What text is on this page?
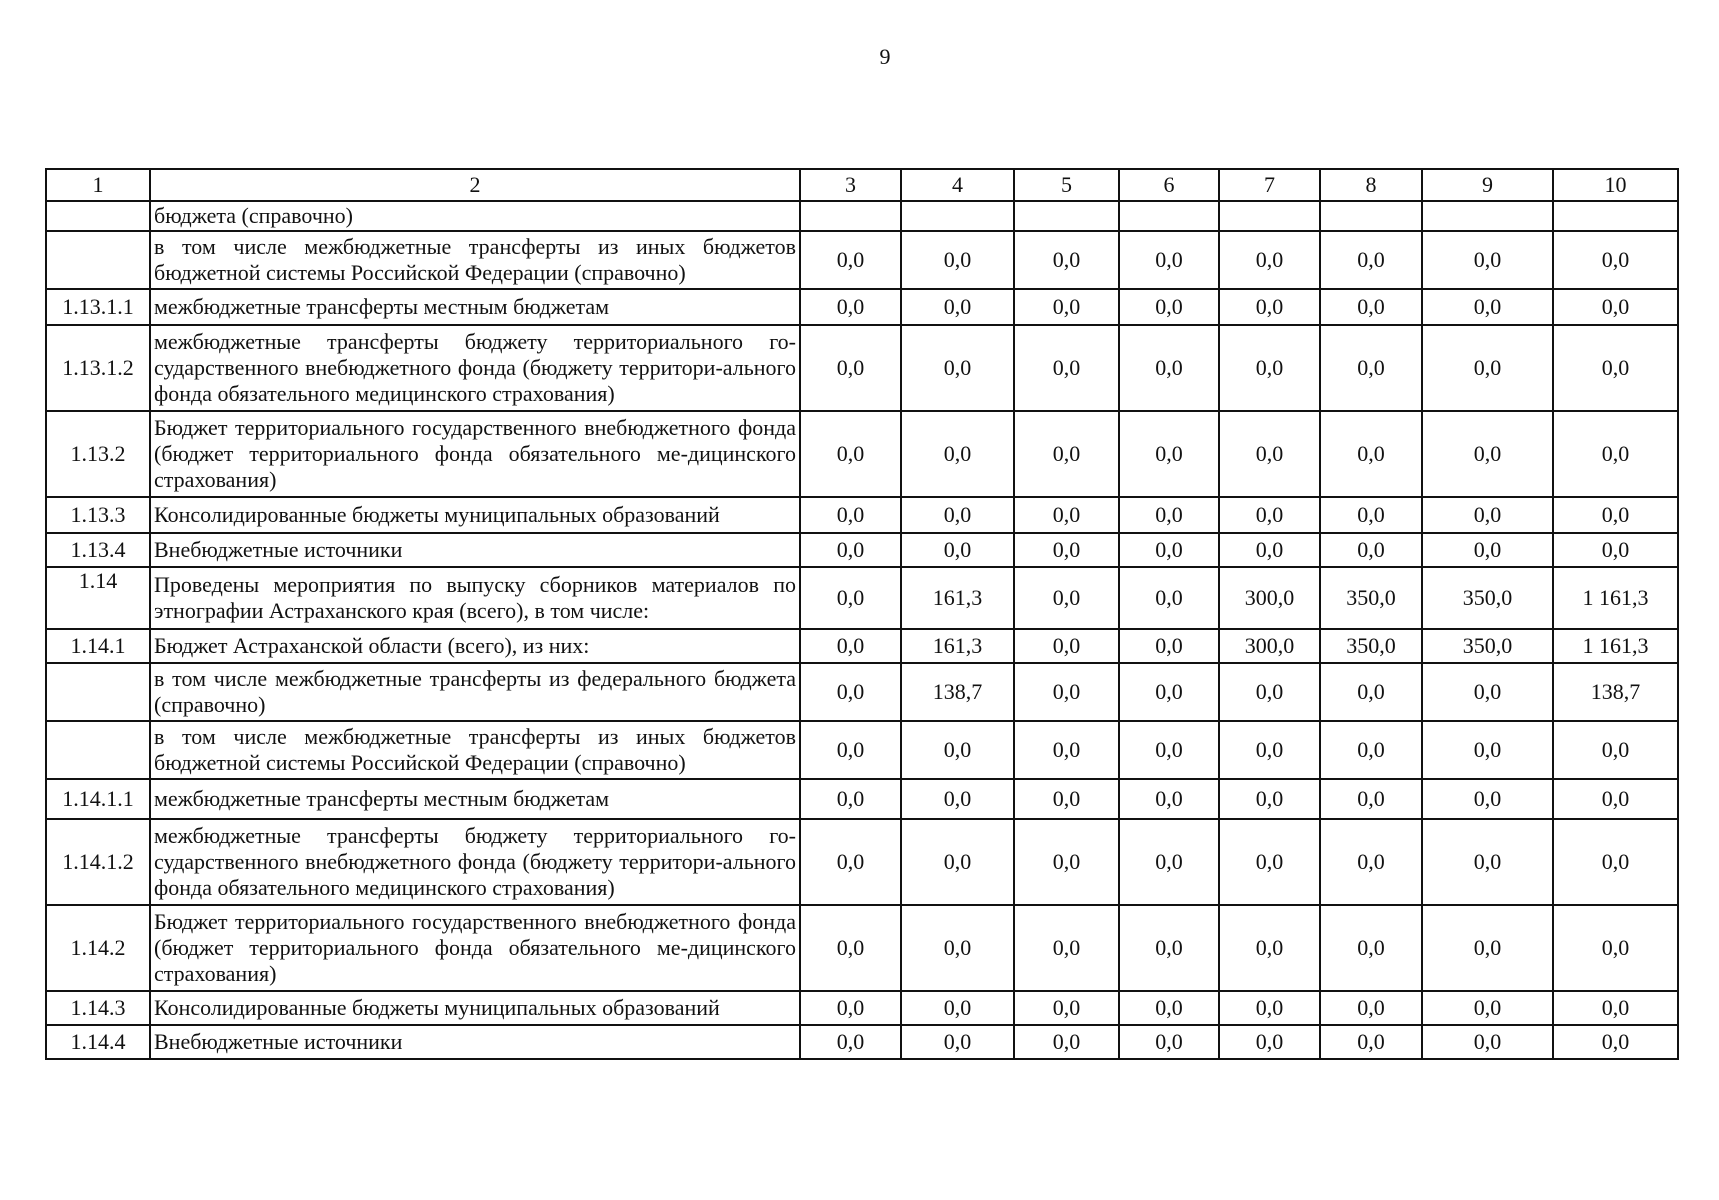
9
1	2	3	4	5	6	7	8	9	10
	бюджета (справочно)								
	в том числе межбюджетные трансферты из иных бюджетов бюджетной системы Российской Федерации (справочно)	0,0	0,0	0,0	0,0	0,0	0,0	0,0	0,0
1.13.1.1	межбюджетные трансферты местным бюджетам	0,0	0,0	0,0	0,0	0,0	0,0	0,0	0,0
1.13.1.2	межбюджетные трансферты бюджету территориального го-сударственного внебюджетного фонда (бюджету территори-ального фонда обязательного медицинского страхования)	0,0	0,0	0,0	0,0	0,0	0,0	0,0	0,0
1.13.2	Бюджет территориального государственного внебюджетного фонда (бюджет территориального фонда обязательного ме-дицинского страхования)	0,0	0,0	0,0	0,0	0,0	0,0	0,0	0,0
1.13.3	Консолидированные бюджеты муниципальных образований	0,0	0,0	0,0	0,0	0,0	0,0	0,0	0,0
1.13.4	Внебюджетные источники	0,0	0,0	0,0	0,0	0,0	0,0	0,0	0,0
1.14	Проведены мероприятия по выпуску сборников материалов по этнографии Астраханского края (всего), в том числе:	0,0	161,3	0,0	0,0	300,0	350,0	350,0	1 161,3
1.14.1	Бюджет Астраханской области (всего), из них:	0,0	161,3	0,0	0,0	300,0	350,0	350,0	1 161,3
	в том числе межбюджетные трансферты из федерального бюджета (справочно)	0,0	138,7	0,0	0,0	0,0	0,0	0,0	138,7
	в том числе межбюджетные трансферты из иных бюджетов бюджетной системы Российской Федерации (справочно)	0,0	0,0	0,0	0,0	0,0	0,0	0,0	0,0
1.14.1.1	межбюджетные трансферты местным бюджетам	0,0	0,0	0,0	0,0	0,0	0,0	0,0	0,0
1.14.1.2	межбюджетные трансферты бюджету территориального го-сударственного внебюджетного фонда (бюджету территори-ального фонда обязательного медицинского страхования)	0,0	0,0	0,0	0,0	0,0	0,0	0,0	0,0
1.14.2	Бюджет территориального государственного внебюджетного фонда (бюджет территориального фонда обязательного ме-дицинского страхования)	0,0	0,0	0,0	0,0	0,0	0,0	0,0	0,0
1.14.3	Консолидированные бюджеты муниципальных образований	0,0	0,0	0,0	0,0	0,0	0,0	0,0	0,0
1.14.4	Внебюджетные источники	0,0	0,0	0,0	0,0	0,0	0,0	0,0	0,0
